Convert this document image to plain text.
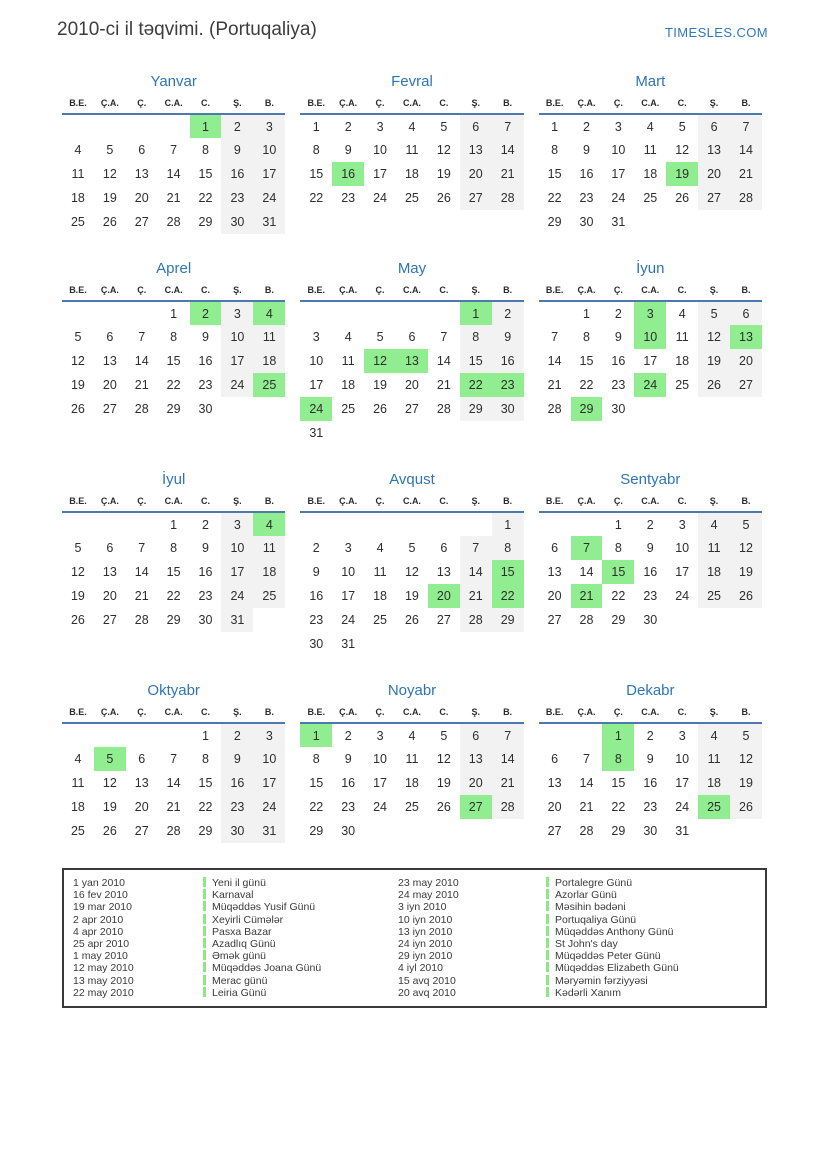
2010-ci il təqvimi. (Portuqaliya)	TIMESLES.COM
Yanvar
B.E.	Ç.A.	Ç.	C.A.	C.	Ş.	B.
				1	2	3
4	5	6	7	8	9	10
11	12	13	14	15	16	17
18	19	20	21	22	23	24
25	26	27	28	29	30	31
Fevral
B.E.	Ç.A.	Ç.	C.A.	C.	Ş.	B.
1	2	3	4	5	6	7
8	9	10	11	12	13	14
15	16	17	18	19	20	21
22	23	24	25	26	27	28
Mart
B.E.	Ç.A.	Ç.	C.A.	C.	Ş.	B.
1	2	3	4	5	6	7
8	9	10	11	12	13	14
15	16	17	18	19	20	21
22	23	24	25	26	27	28
29	30	31				
Aprel
B.E.	Ç.A.	Ç.	C.A.	C.	Ş.	B.
			1	2	3	4
5	6	7	8	9	10	11
12	13	14	15	16	17	18
19	20	21	22	23	24	25
26	27	28	29	30		
May
B.E.	Ç.A.	Ç.	C.A.	C.	Ş.	B.
					1	2
3	4	5	6	7	8	9
10	11	12	13	14	15	16
17	18	19	20	21	22	23
24	25	26	27	28	29	30
31						
İyun
B.E.	Ç.A.	Ç.	C.A.	C.	Ş.	B.
	1	2	3	4	5	6
7	8	9	10	11	12	13
14	15	16	17	18	19	20
21	22	23	24	25	26	27
28	29	30				
İyul
B.E.	Ç.A.	Ç.	C.A.	C.	Ş.	B.
			1	2	3	4
5	6	7	8	9	10	11
12	13	14	15	16	17	18
19	20	21	22	23	24	25
26	27	28	29	30	31	
Avqust
B.E.	Ç.A.	Ç.	C.A.	C.	Ş.	B.
						1
2	3	4	5	6	7	8
9	10	11	12	13	14	15
16	17	18	19	20	21	22
23	24	25	26	27	28	29
30	31					
Sentyabr
B.E.	Ç.A.	Ç.	C.A.	C.	Ş.	B.
		1	2	3	4	5
6	7	8	9	10	11	12
13	14	15	16	17	18	19
20	21	22	23	24	25	26
27	28	29	30			
Oktyabr
B.E.	Ç.A.	Ç.	C.A.	C.	Ş.	B.
				1	2	3
4	5	6	7	8	9	10
11	12	13	14	15	16	17
18	19	20	21	22	23	24
25	26	27	28	29	30	31
Noyabr
B.E.	Ç.A.	Ç.	C.A.	C.	Ş.	B.
1	2	3	4	5	6	7
8	9	10	11	12	13	14
15	16	17	18	19	20	21
22	23	24	25	26	27	28
29	30					
Dekabr
B.E.	Ç.A.	Ç.	C.A.	C.	Ş.	B.
		1	2	3	4	5
6	7	8	9	10	11	12
13	14	15	16	17	18	19
20	21	22	23	24	25	26
27	28	29	30	31		
1 yan 2010	Yeni il günü	23 may 2010	Portalegre Günü
16 fev 2010	Karnaval	24 may 2010	Azorlar Günü
19 mar 2010	Müqəddəs Yusif Günü	3 iyn 2010	Məsihin bədəni
2 apr 2010	Xeyirli Cümələr	10 iyn 2010	Portuqaliya Günü
4 apr 2010	Pasxa Bazar	13 iyn 2010	Müqəddəs Anthony Günü
25 apr 2010	Azadlıq Günü	24 iyn 2010	St John's day
1 may 2010	Əmək günü	29 iyn 2010	Müqəddəs Peter Günü
12 may 2010	Müqəddəs Joana Günü	4 iyl 2010	Müqəddəs Elizabeth Günü
13 may 2010	Merac günü	15 avq 2010	Məryəmin fərziyyəsi
22 may 2010	Leiria Günü	20 avq 2010	Kədərli Xanım
